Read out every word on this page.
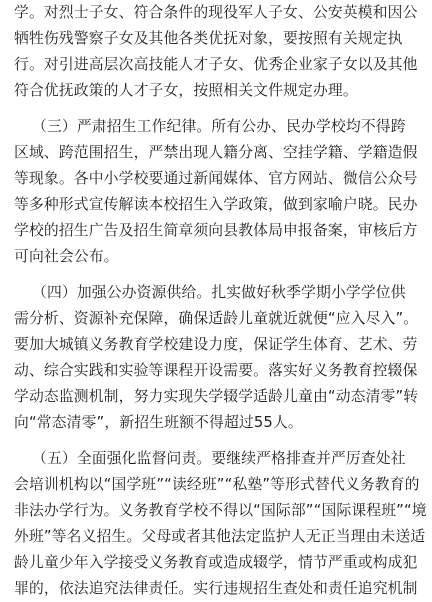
学。对烈士子女、符合条件的现役军人子女、公安英模和因公
牺牲伤残警察子女及其他各类优抚对象，要按照有关规定执
行。对引进高层次高技能人才子女、优秀企业家子女以及其他
符合优抚政策的人才子女，按照相关文件规定办理。
（三）严肃招生工作纪律。所有公办、民办学校均不得跨
区域、跨范围招生，严禁出现人籍分离、空挂学籍、学籍造假
等现象。各中小学校要通过新闻媒体、官方网站、微信公众号
等多种形式宣传解读本校招生入学政策，做到家喻户晓。民办
学校的招生广告及招生简章须向县教体局申报备案，审核后方
可向社会公布。
（四）加强公办资源供给。扎实做好秋季学期小学学位供
需分析、资源补充保障，确保适龄儿童就近就便“应入尽入”。
要加大城镇义务教育学校建设力度，保证学生体育、艺术、劳
动、综合实践和实验等课程开设需要。落实好义务教育控辍保
学动态监测机制，努力实现失学辍学适龄儿童由“动态清零”转
向“常态清零”，新招生班额不得超过55人。
（五）全面强化监督问责。要继续严格排查并严厉查处社
会培训机构以“国学班”“读经班”“私塾”等形式替代义务教育的
非法办学行为。义务教育学校不得以“国际部”“国际课程班”“境
外班”等名义招生。父母或者其他法定监护人无正当理由未送适
龄儿童少年入学接受义务教育或造成辍学，情节严重或构成犯
罪的，依法追究法律责任。实行违规招生查处和责任追究机制
